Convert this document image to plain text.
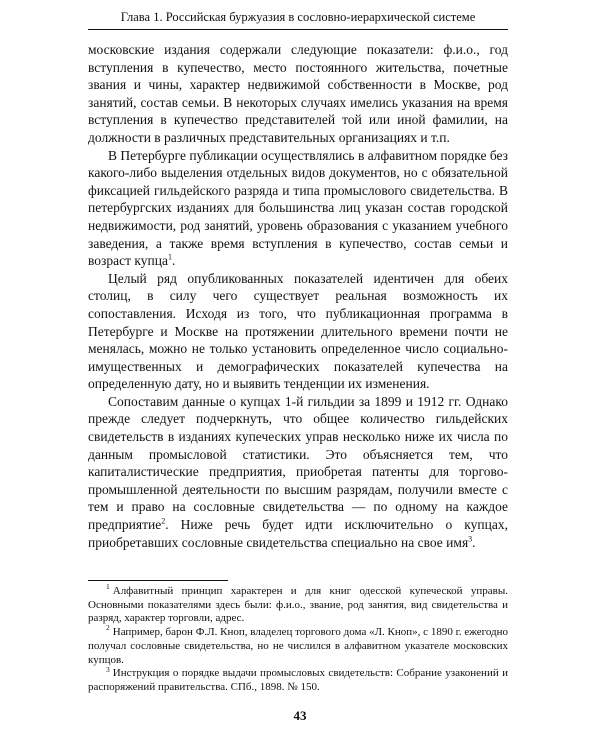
Глава 1. Российская буржуазия в сословно-иерархической системе

московские издания содержали следующие показатели: ф.и.о., год вступления в купечество, место постоянного жительства, почетные звания и чины, характер недвижимой собственности в Москве, род занятий, состав семьи. В некоторых случаях имелись указания на время вступления в купечество представителей той или иной фамилии, на должности в различных представительных организациях и т.п.

В Петербурге публикации осуществлялись в алфавитном порядке без какого-либо выделения отдельных видов документов, но с обязательной фиксацией гильдейского разряда и типа промыслового свидетельства. В петербургских изданиях для большинства лиц указан состав городской недвижимости, род занятий, уровень образования с указанием учебного заведения, а также время вступления в купечество, состав семьи и возраст купца$^1$.

Целый ряд опубликованных показателей идентичен для обеих столиц, в силу чего существует реальная возможность их сопоставления. Исходя из того, что публикационная программа в Петербурге и Москве на протяжении длительного времени почти не менялась, можно не только установить определенное число социально-имущественных и демографических показателей купечества на определенную дату, но и выявить тенденции их изменения.

Сопоставим данные о купцах 1-й гильдии за 1899 и 1912 гг. Однако прежде следует подчеркнуть, что общее количество гильдейских свидетельств в изданиях купеческих управ несколько ниже их числа по данным промысловой статистики. Это объясняется тем, что капиталистические предприятия, приобретая патенты для торгово-промышленной деятельности по высшим разрядам, получили вместе с тем и право на сословные свидетельства — по одному на каждое предприятие$^2$. Ниже речь будет идти исключительно о купцах, приобретавших сословные свидетельства специально на свое имя$^3$.

$^1$ Алфавитный принцип характерен и для книг одесской купеческой управы. Основными показателями здесь были: ф.и.о., звание, род занятия, вид свидетельства и разряд, характер торговли, адрес.

$^2$ Например, барон Ф.Л. Кноп, владелец торгового дома «Л. Кноп», с 1890 г. ежегодно получал сословные свидетельства, но не числился в алфавитном указателе московских купцов.

$^3$ Инструкция о порядке выдачи промысловых свидетельств: Собрание узаконений и распоряжений правительства. СПб., 1898. № 150.

43
